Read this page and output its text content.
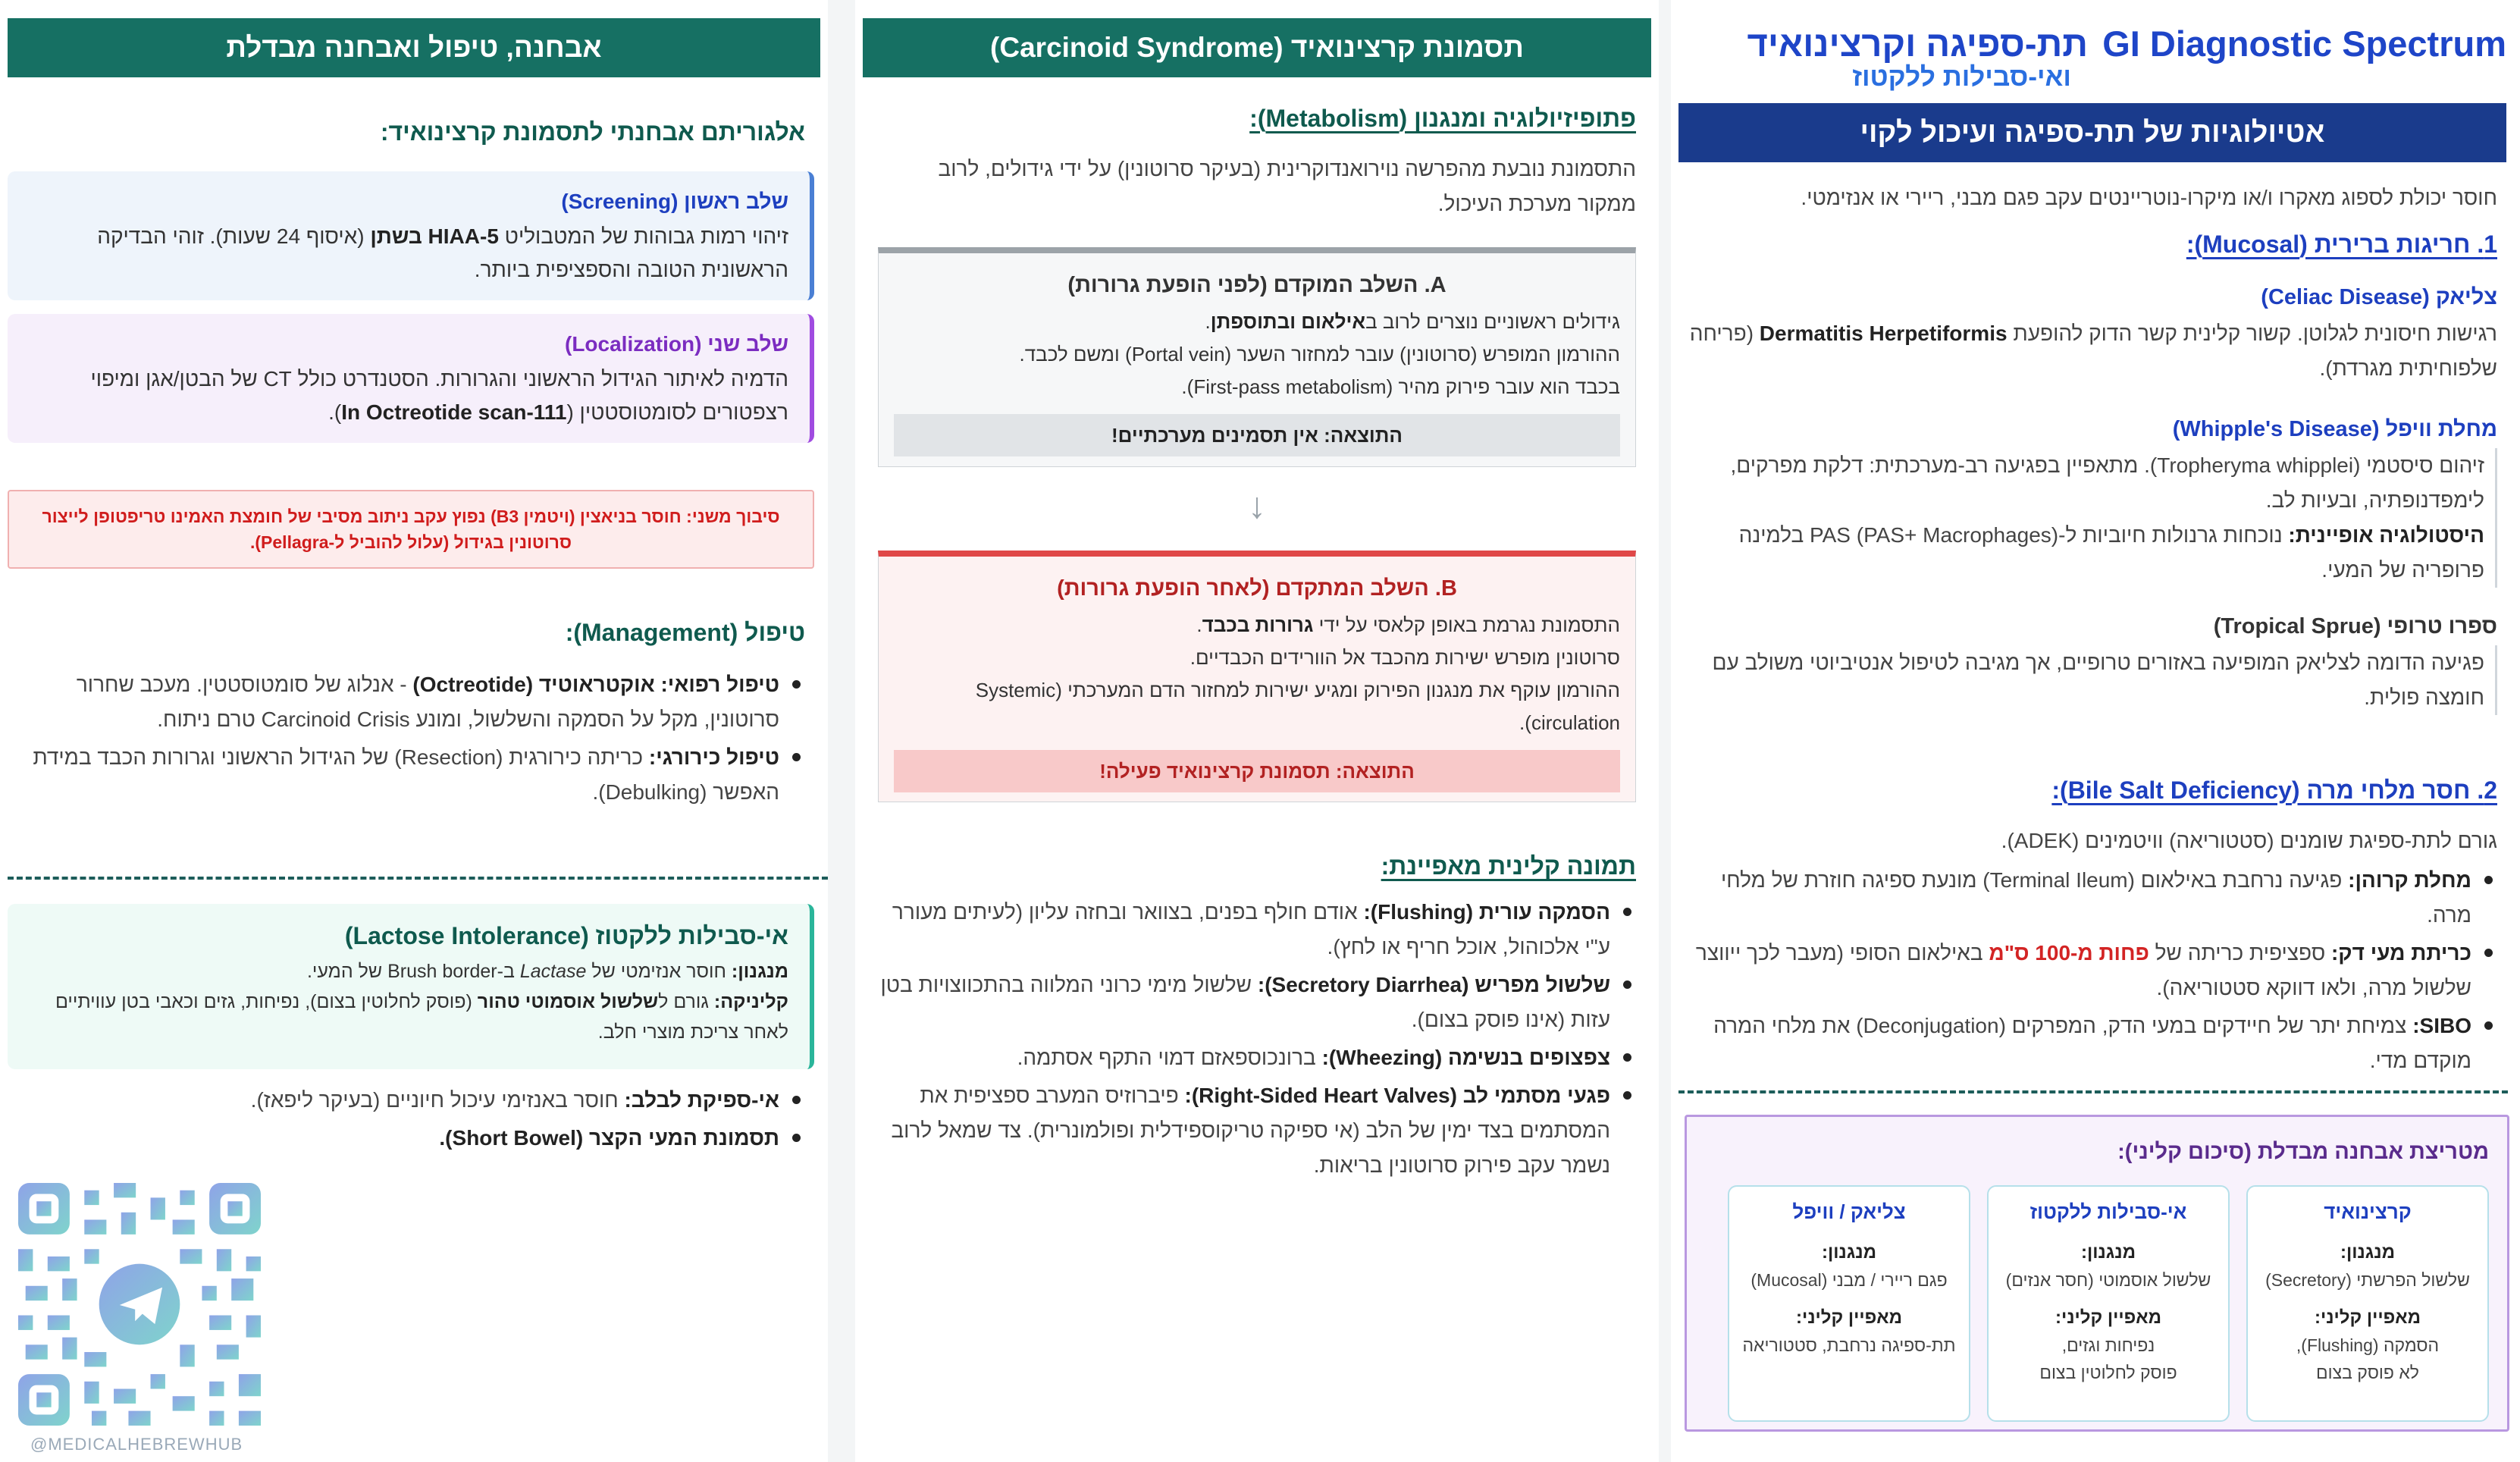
GI Diagnostic Spectrum
תת-ספיגה וקרצינואיד
ואי-סבילות ללקטוז
אטיולוגיות של תת-ספיגה ועיכול לקוי
חוסר יכולת לספוג מאקרו ו/או מיקרו-נוטריינטים עקב פגם מבני, ריירי או אנזימטי.
1. חריגות ברירית (Mucosal):
צליאק (Celiac Disease)
רגישות חיסונית לגלוטן. קשור קלינית קשר הדוק להופעת Dermatitis Herpetiformis (פריחה שלפוחיתית מגרדת).
מחלת וויפל (Whipple's Disease)
זיהום סיסטמי (Tropheryma whipplei). מתאפיין בפגיעה רב-מערכתית: דלקת מפרקים, לימפדנופתיה, ובעיות לב.
היסטולוגיה אופיינית: נוכחות גרנולות חיוביות ל-PAS (PAS+ Macrophages) בלמינה פרופריה של המעי.
ספרו טרופי (Tropical Sprue)
פגיעה הדומה לצליאק המופיעה באזורים טרופיים, אך מגיבה לטיפול אנטיביוטי משולב עם חומצה פולית.
2. חסר מלחי מרה (Bile Salt Deficiency):
גורם לתת-ספיגת שומנים (סטטוריאה) וויטמינים (ADEK).
מחלת קרוהן: פגיעה נרחבת באילאום (Terminal Ileum) מונעת ספיגה חוזרת של מלחי מרה.
כריתת מעי דק: ספציפית כריתה של פחות מ-100 ס"מ באילאום הסופי (מעבר לכך ייווצר שלשול מרה, ולאו דווקא סטטוריאה).
SIBO: צמיחת יתר של חיידקים במעי הדק, המפרקים (Deconjugation) את מלחי המרה מוקדם מדי.
מטריצת אבחנה מבדלת (סיכום קליני):
קרצינואיד
מנגנון:
שלשול הפרשתי (Secretory)
מאפיין קליני:
הסמקה (Flushing),
לא פוסק בצום
אי-סבילות ללקטוז
מנגנון:
שלשול אוסמוטי (חסר אנזים)
מאפיין קליני:
נפיחות וגזים,
פוסק לחלוטין בצום
צליאק / וויפל
מנגנון:
פגם ריירי / מבני (Mucosal)
מאפיין קליני:
תת-ספיגה נרחבת, סטטוריאה
תסמונת קרצינואיד (Carcinoid Syndrome)
פתופיזיולוגיה ומנגנון (Metabolism):
התסמונת נובעת מהפרשה נוירואנדוקרינית (בעיקר סרוטונין) על ידי גידולים, לרוב ממקור מערכת העיכול.
A. השלב המוקדם (לפני הופעת גרורות)
גידולים ראשוניים נוצרים לרוב באילאום ובתוספתן.
ההורמון המופרש (סרוטונין) עובר למחזור השער (Portal vein) ומשם לכבד.
בכבד הוא עובר פירוק מהיר (First-pass metabolism).
התוצאה: אין תסמינים מערכתיים!
↓
B. השלב המתקדם (לאחר הופעת גרורות)
התסמונת נגרמת באופן קלאסי על ידי גרורות בכבד.
סרוטונין מופרש ישירות מהכבד אל הוורידים הכבדיים.
ההורמון עוקף את מנגנון הפירוק ומגיע ישירות למחזור הדם המערכתי (Systemic circulation).
התוצאה: תסמונת קרצינואיד פעילה!
תמונה קלינית מאפיינת:
הסמקה עורית (Flushing): אודם חולף בפנים, בצוואר ובחזה עליון (לעיתים מעורר ע"י אלכוהול, אוכל חריף או לחץ).
שלשול מפריש (Secretory Diarrhea): שלשול מימי כרוני המלווה בהתכווצויות בטן עזות (אינו פוסק בצום).
צפצופים בנשימה (Wheezing): ברונכוספאזם דמוי התקף אסתמה.
פגעי מסתמי לב (Right-Sided Heart Valves): פיברוזיס המערב ספציפית את המסתמים בצד ימין של הלב (אי ספיקה טריקוספידלית ופולמונרית). צד שמאל לרוב נשמר עקב פירוק סרוטונין בריאות.
אבחנה, טיפול ואבחנה מבדלת
אלגוריתם אבחנתי לתסמונת קרצינואיד:
שלב ראשון (Screening)
זיהוי רמות גבוהות של המטבוליט HIAA-5 בשתן (איסוף 24 שעות). זוהי הבדיקה הראשונית הטובה והספציפית ביותר.
שלב שני (Localization)
הדמיה לאיתור הגידול הראשוני והגרורות. הסטנדרט כולל CT של הבטן/אגן ומיפוי רצפטורים לסומטוסטטין (In Octreotide scan-111).
סיבוך משני: חוסר בניאצין (ויטמין B3) נפוץ עקב ניתוב מסיבי של חומצת האמינו טריפטופן לייצור סרוטונין בגידול (עלול להוביל ל-Pellagra).
טיפול (Management):
טיפול רפואי: אוקטראוטיד (Octreotide) - אנלוג של סומטוסטטין. מעכב שחרור סרוטונין, מקל על הסמקה והשלשול, ומונע Carcinoid Crisis טרם ניתוח.
טיפול כירורגי: כריתה כירורגית (Resection) של הגידול הראשוני וגרורות הכבד במידת האפשר (Debulking).
אי-סבילות ללקטוז (Lactose Intolerance)
מנגנון: חוסר אנזימטי של Lactase ב-Brush border של המעי.
קליניקה: גורם לשלשול אוסמוטי טהור (פוסק לחלוטין בצום), נפיחות, גזים וכאבי בטן עוויתיים לאחר צריכת מוצרי חלב.
אי-ספיקת לבלב: חוסר באנזימי עיכול חיוניים (בעיקר ליפאז).
תסמונת המעי הקצר (Short Bowel).
@MEDICALHEBREWHUB
